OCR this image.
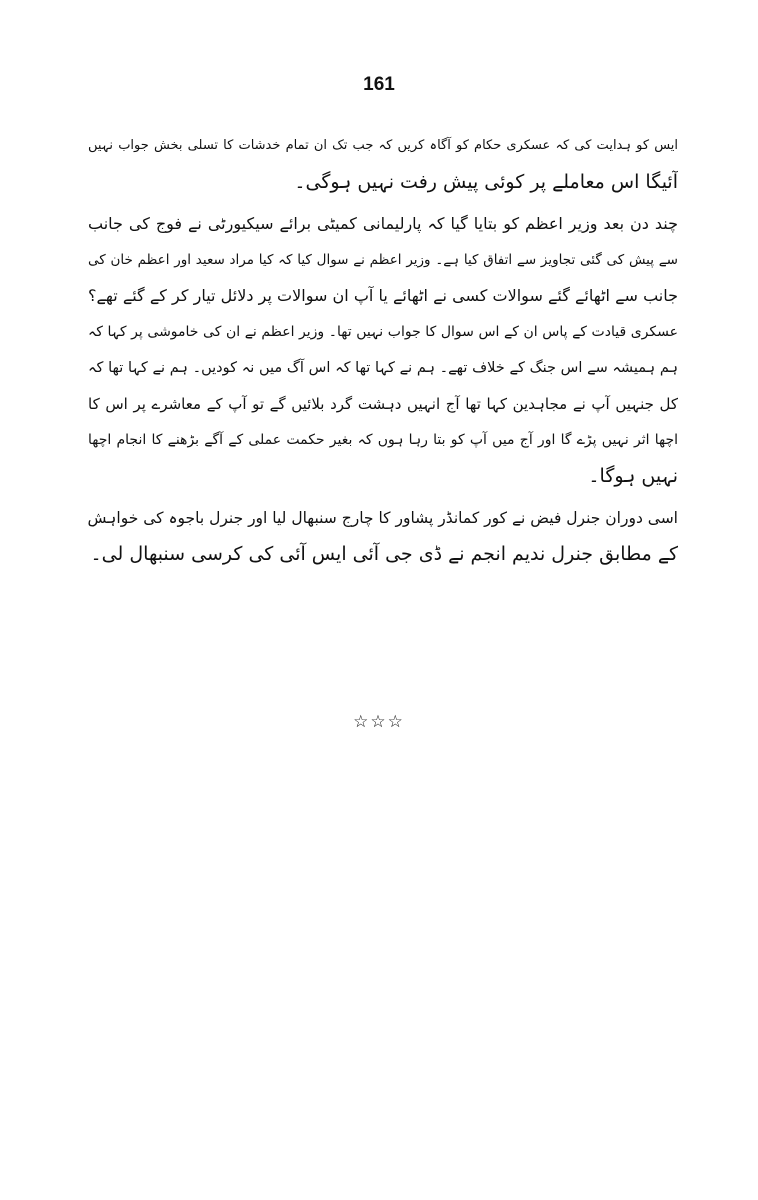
161
ایس کو ہدایت کی کہ عسکری حکام کو آگاہ کریں کہ جب تک ان تمام خدشات کا تسلی بخش جواب نہیں
آئیگا اس معاملے پر کوئی پیش رفت نہیں ہوگی۔
چند دن بعد وزیر اعظم کو بتایا گیا کہ پارلیمانی کمیٹی برائے سیکیورٹی نے فوج کی جانب
سے پیش کی گئی تجاویز سے اتفاق کیا ہے۔ وزیر اعظم نے سوال کیا کہ کیا مراد سعید اور اعظم خان کی
جانب سے اٹھائے گئے سوالات کسی نے اٹھائے یا آپ ان سوالات پر دلائل تیار کر کے گئے تھے؟
عسکری قیادت کے پاس ان کے اس سوال کا جواب نہیں تھا۔ وزیر اعظم نے ان کی خاموشی پر کہا کہ
ہم ہمیشہ سے اس جنگ کے خلاف تھے۔ ہم نے کہا تھا کہ اس آگ میں نہ کودیں۔ ہم نے کہا تھا کہ
کل جنہیں آپ نے مجاہدین کہا تھا آج انہیں دہشت گرد بلائیں گے تو آپ کے معاشرے پر اس کا
اچھا اثر نہیں پڑے گا اور آج میں آپ کو بتا رہا ہوں کہ بغیر حکمت عملی کے آگے بڑھنے کا انجام اچھا
نہیں ہوگا۔
اسی دوران جنرل فیض نے کور کمانڈر پشاور کا چارج سنبھال لیا اور جنرل باجوہ کی خواہش
کے مطابق جنرل ندیم انجم نے ڈی جی آئی ایس آئی کی کرسی سنبھال لی۔
☆☆☆
